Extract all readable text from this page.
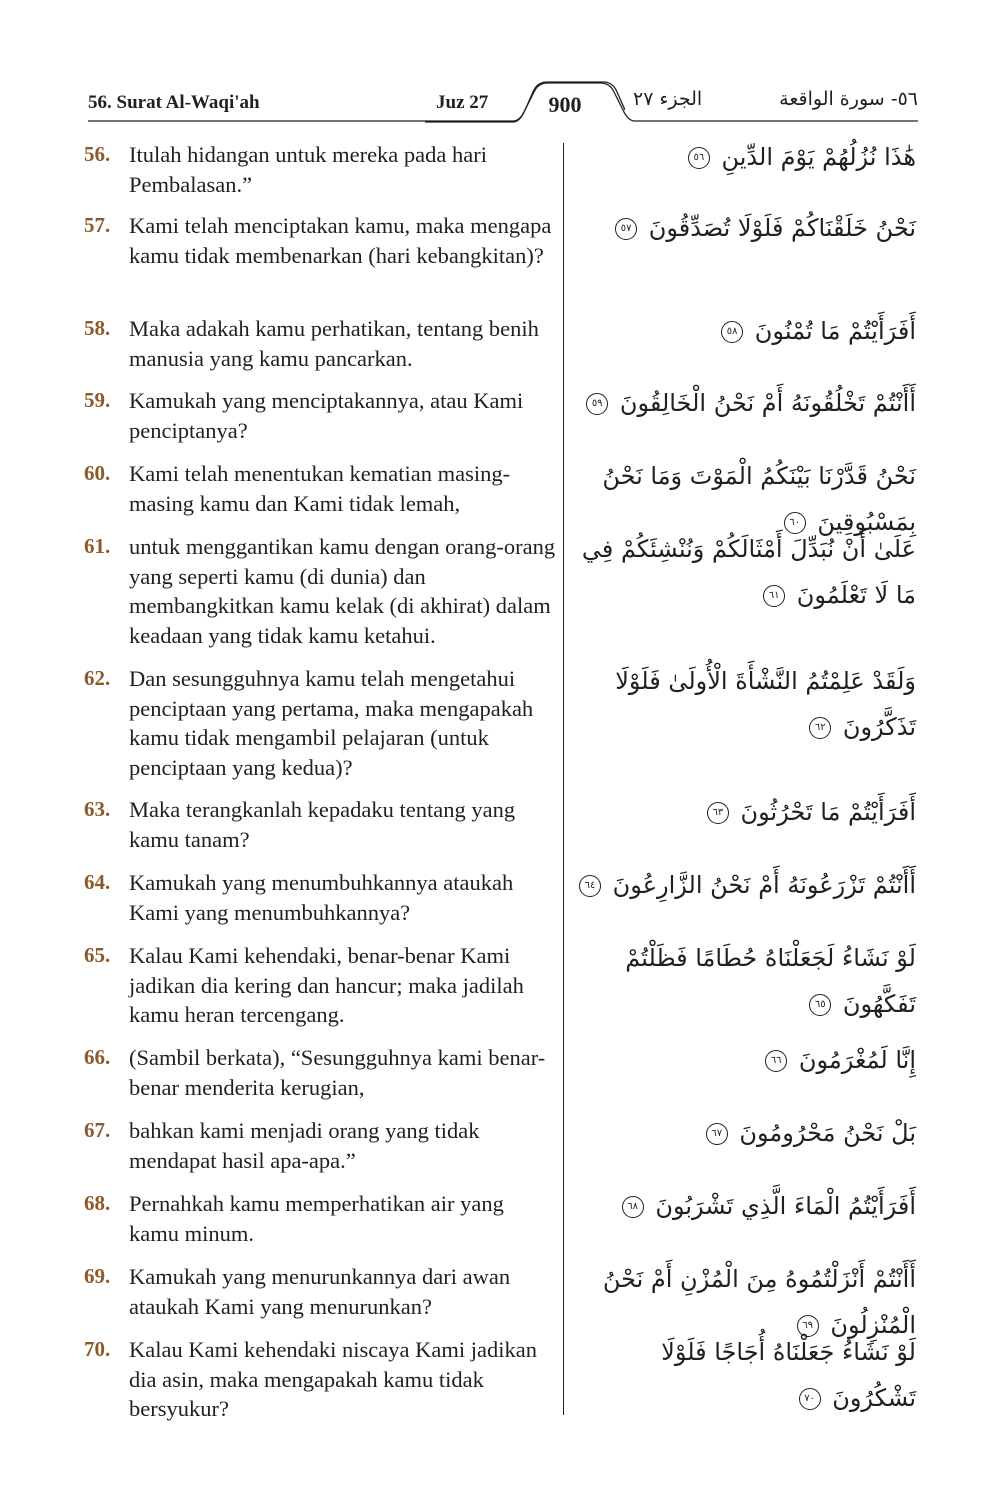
56. Surat Al-Waqi'ah	Juz 27	الجزء ٢٧	٥٦- سورة الواقعة
900
56. Itulah hidangan untuk mereka pada hari Pembalasan.”
هَٰذَا نُزُلُهُمْ يَوْمَ الدِّينِ ٥٦
57. Kami telah menciptakan kamu, maka mengapa kamu tidak membenarkan (hari kebangkitan)?
نَحْنُ خَلَقْنَاكُمْ فَلَوْلَا تُصَدِّقُونَ ٥٧
58. Maka adakah kamu perhatikan, tentang benih manusia yang kamu pancarkan.
أَفَرَأَيْتُمْ مَا تُمْنُونَ ٥٨
59. Kamukah yang menciptakannya, atau Kami penciptanya?
أَأَنْتُمْ تَخْلُقُونَهُ أَمْ نَحْنُ الْخَالِقُونَ ٥٩
60. Kami telah menentukan kematian masing-masing kamu dan Kami tidak lemah,
نَحْنُ قَدَّرْنَا بَيْنَكُمُ الْمَوْتَ وَمَا نَحْنُ بِمَسْبُوقِينَ ٦٠
61. untuk menggantikan kamu dengan orang-orang yang seperti kamu (di dunia) dan membangkitkan kamu kelak (di akhirat) dalam keadaan yang tidak kamu ketahui.
عَلَىٰ أَنْ نُبَدِّلَ أَمْثَالَكُمْ وَنُنْشِئَكُمْ فِي مَا لَا تَعْلَمُونَ ٦١
62. Dan sesungguhnya kamu telah mengetahui penciptaan yang pertama, maka mengapakah kamu tidak mengambil pelajaran (untuk penciptaan yang kedua)?
وَلَقَدْ عَلِمْتُمُ النَّشْأَةَ الْأُولَىٰ فَلَوْلَا تَذَكَّرُونَ ٦٢
63. Maka terangkanlah kepadaku tentang yang kamu tanam?
أَفَرَأَيْتُمْ مَا تَحْرُثُونَ ٦٣
64. Kamukah yang menumbuhkannya ataukah Kami yang menumbuhkannya?
أَأَنْتُمْ تَزْرَعُونَهُ أَمْ نَحْنُ الزَّارِعُونَ ٦٤
65. Kalau Kami kehendaki, benar-benar Kami jadikan dia kering dan hancur; maka jadilah kamu heran tercengang.
لَوْ نَشَاءُ لَجَعَلْنَاهُ حُطَامًا فَظَلْتُمْ تَفَكَّهُونَ ٦٥
66. (Sambil berkata), “Sesungguhnya kami benar-benar menderita kerugian,
إِنَّا لَمُغْرَمُونَ ٦٦
67. bahkan kami menjadi orang yang tidak mendapat hasil apa-apa.”
بَلْ نَحْنُ مَحْرُومُونَ ٦٧
68. Pernahkah kamu memperhatikan air yang kamu minum.
أَفَرَأَيْتُمُ الْمَاءَ الَّذِي تَشْرَبُونَ ٦٨
69. Kamukah yang menurunkannya dari awan ataukah Kami yang menurunkan?
أَأَنْتُمْ أَنْزَلْتُمُوهُ مِنَ الْمُزْنِ أَمْ نَحْنُ الْمُنْزِلُونَ ٦٩
70. Kalau Kami kehendaki niscaya Kami jadikan dia asin, maka mengapakah kamu tidak bersyukur?
لَوْ نَشَاءُ جَعَلْنَاهُ أُجَاجًا فَلَوْلَا تَشْكُرُونَ ٧٠
